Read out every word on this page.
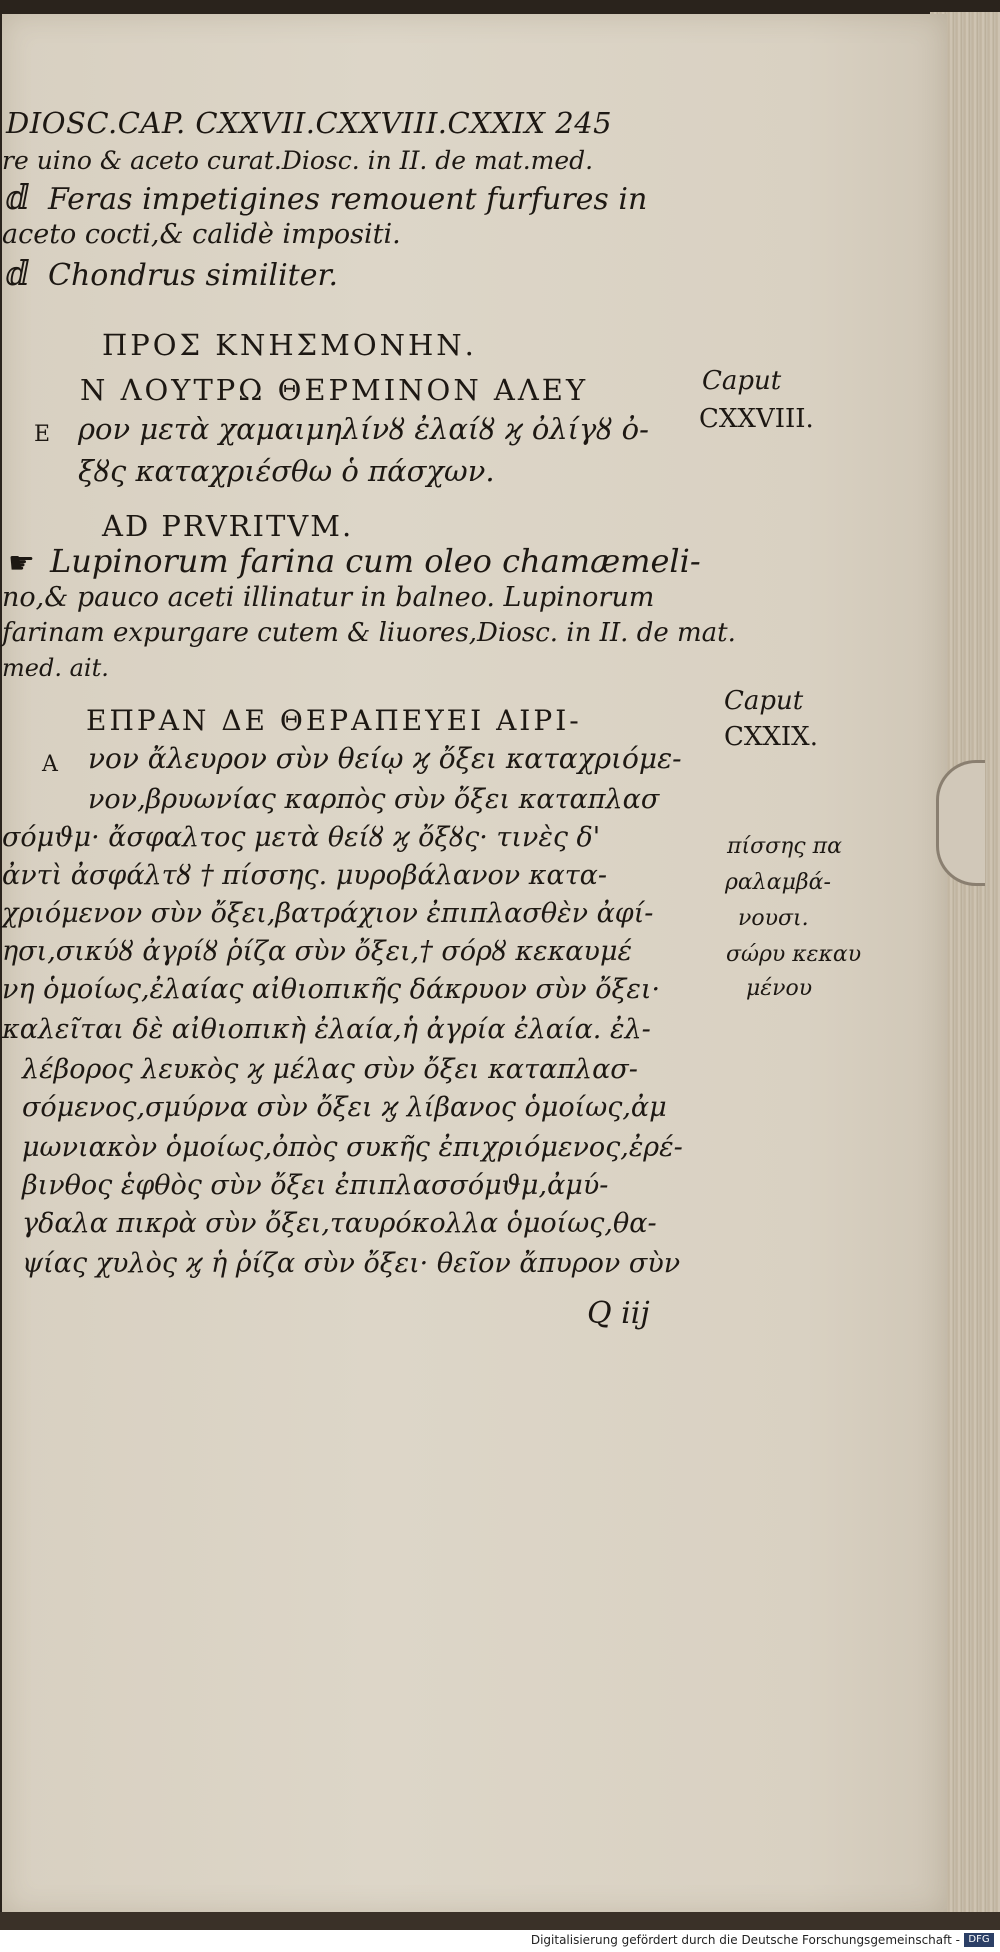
DIOSC.CAP. CXXVII.CXXVIII.CXXIX 245
re uino & aceto curat.Diosc. in II. de mat.med.
ⅆ Feras impetigines remouent furfures in
aceto cocti,& calidè impositi.
ⅆ Chondrus similiter.
ΠΡΟΣ ΚΝΗΣΜΟΝΗΝ.
Ν ΛΟΥΤΡΩ ΘΕΡΜΙΝΟΝ ΑΛΕΥ	Caput
E ρον μετὰ χαμαιμηλίνȣ ἐλαίȣ ϗ ὀλίγȣ ὀ- CXXVIII.
ξȣς καταχριέσθω ὁ πάσχων.
AD PRVRITVM.
☛ Lupinorum farina cum oleo chamæmeli-
no,& pauco aceti illinatur in balneo. Lupinorum
farinam expurgare cutem & liuores,Diosc. in II. de mat.
med. ait.
ΕΠΡΑΝ ΔΕ ΘΕΡΑΠΕΥΕΙ ΑΙΡΙ-
Caput
A νον ἄλευρον σὺν θείῳ ϗ ὄξει καταχριόμε-
CXXIX.
νον,βρυωνίας καρπὸς σὺν ὄξει καταπλασ
σόμϑμ· ἄσφαλτος μετὰ θείȣ ϗ ὄξȣς· τινὲς δ'	πίσσης πα
ἀντὶ ἀσφάλτȣ † πίσσης. μυροβάλανον κατα-	ραλαμβά-
χριόμενον σὺν ὄξει,βατράχιον ἐπιπλασθὲν ἀφί-	νουσι.
ησι,σικύȣ ἀγρίȣ ῥίζα σὺν ὄξει,† σόρȣ κεκαυμέ	σώρυ κεκαυ
νη ὁμοίως,ἐλαίας αἰθιοπικῆς δάκρυον σὺν ὄξει·	μένου
καλεῖται δὲ αἰθιοπικὴ ἐλαία,ἡ ἀγρία ἐλαία. ἐλ-
λέβορος λευκὸς ϗ μέλας σὺν ὄξει καταπλασ-
σόμενος,σμύρνα σὺν ὄξει ϗ λίβανος ὁμοίως,ἀμ
μωνιακὸν ὁμοίως,ὀπὸς συκῆς ἐπιχριόμενος,ἐρέ-
βινθος ἑφθὸς σὺν ὄξει ἐπιπλασσόμϑμ,ἀμύ-
γδαλα πικρὰ σὺν ὄξει,ταυρόκολλα ὁμοίως,θα-
ψίας χυλὸς ϗ ἡ ῥίζα σὺν ὄξει· θεῖον ἄπυρον σὺν
Q iij
Digitalisierung gefördert durch die Deutsche Forschungsgemeinschaft - DFG
